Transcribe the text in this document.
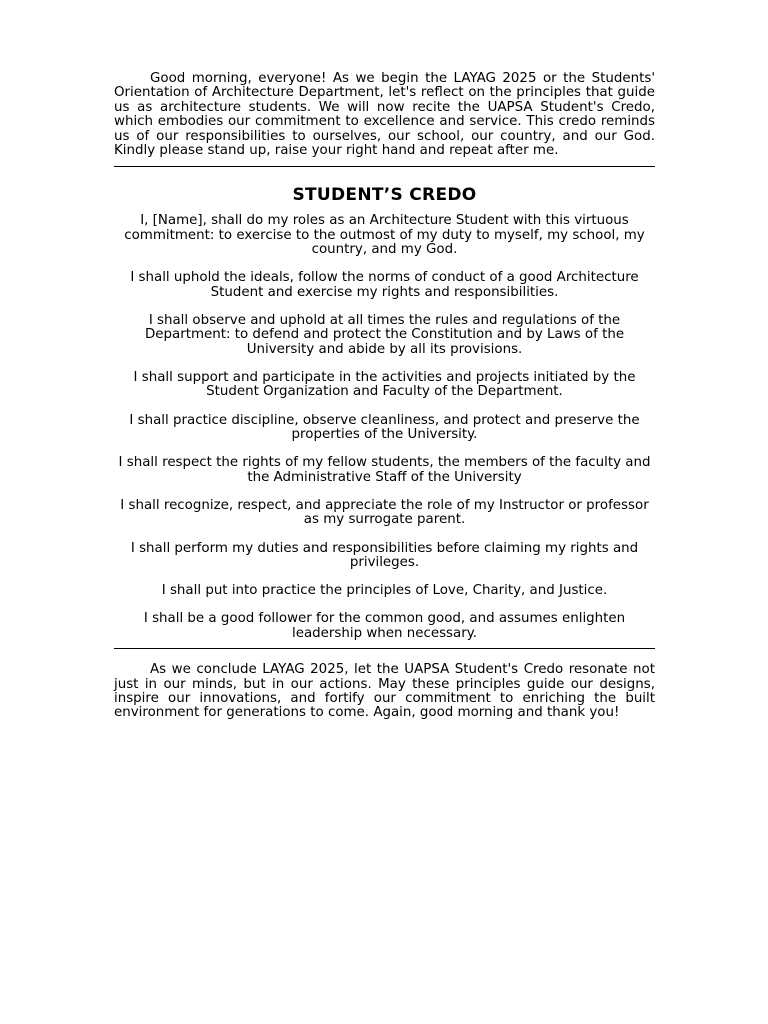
Good morning, everyone! As we begin the LAYAG 2025 or the Students' Orientation of Architecture Department, let's reflect on the principles that guide us as architecture students. We will now recite the UAPSA Student's Credo, which embodies our commitment to excellence and service. This credo reminds us of our responsibilities to ourselves, our school, our country, and our God. Kindly please stand up, raise your right hand and repeat after me.

STUDENT’S CREDO
I, [Name], shall do my roles as an Architecture Student with this virtuous commitment: to exercise to the outmost of my duty to myself, my school, my country, and my God.
I shall uphold the ideals, follow the norms of conduct of a good Architecture Student and exercise my rights and responsibilities.
I shall observe and uphold at all times the rules and regulations of the Department: to defend and protect the Constitution and by Laws of the University and abide by all its provisions.
I shall support and participate in the activities and projects initiated by the Student Organization and Faculty of the Department.
I shall practice discipline, observe cleanliness, and protect and preserve the properties of the University.
I shall respect the rights of my fellow students, the members of the faculty and the Administrative Staff of the University
I shall recognize, respect, and appreciate the role of my Instructor or professor as my surrogate parent.
I shall perform my duties and responsibilities before claiming my rights and privileges.
I shall put into practice the principles of Love, Charity, and Justice.
I shall be a good follower for the common good, and assumes enlighten leadership when necessary.

As we conclude LAYAG 2025, let the UAPSA Student's Credo resonate not just in our minds, but in our actions. May these principles guide our designs, inspire our innovations, and fortify our commitment to enriching the built environment for generations to come. Again, good morning and thank you!
